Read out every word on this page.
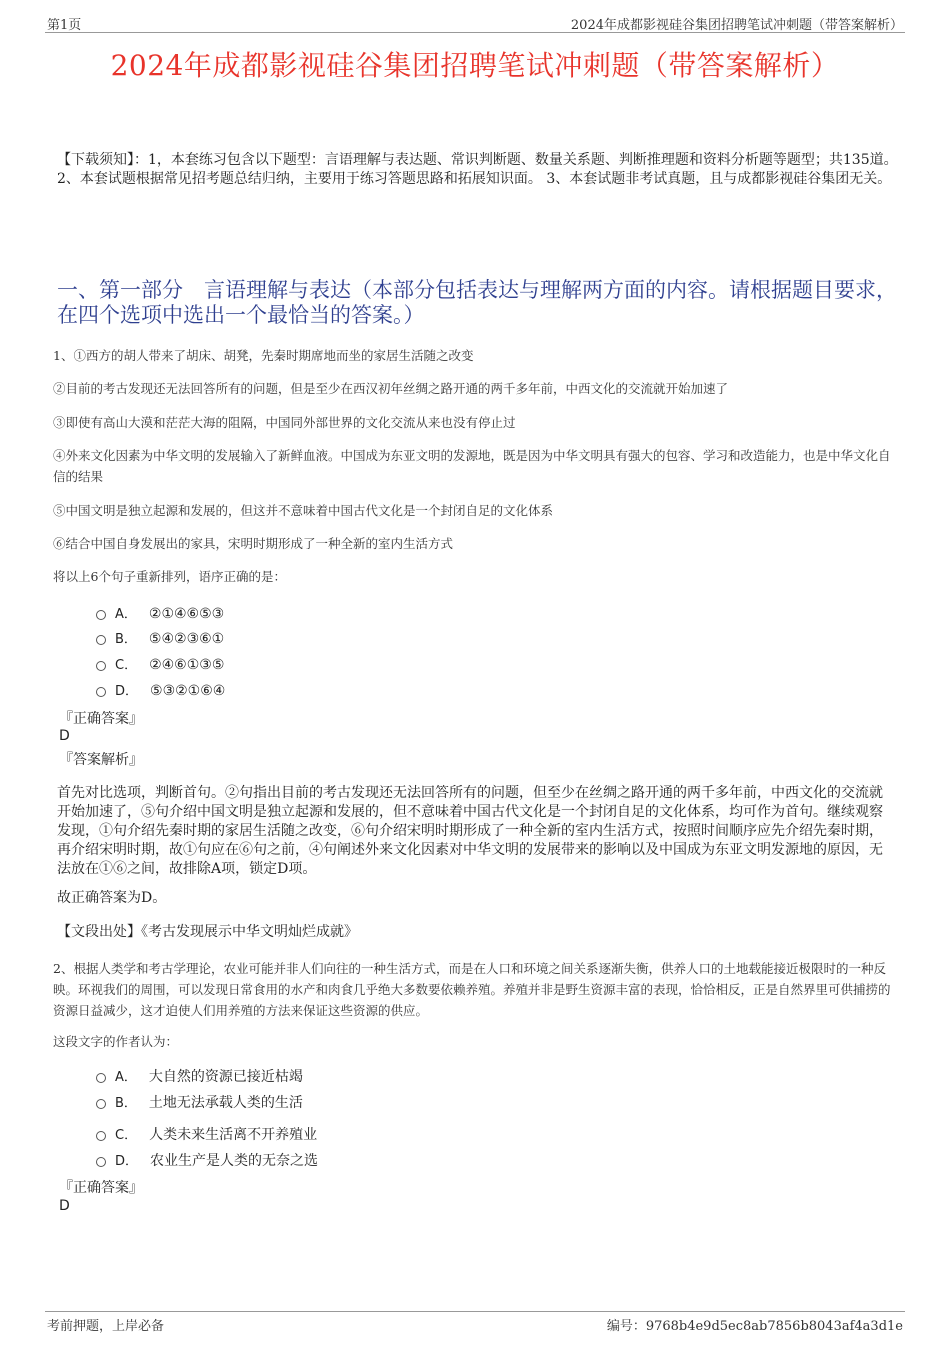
第1页	2024年成都影视硅谷集团招聘笔试冲刺题（带答案解析）
2024年成都影视硅谷集团招聘笔试冲刺题（带答案解析）
【下载须知】：1，本套练习包含以下题型：言语理解与表达题、常识判断题、数量关系题、判断推理题和资料分析题等题型；共135道。 2、本套试题根据常见招考题总结归纳，主要用于练习答题思路和拓展知识面。 3、本套试题非考试真题，且与成都影视硅谷集团无关。
一、第一部分　言语理解与表达（本部分包括表达与理解两方面的内容。请根据题目要求，在四个选项中选出一个最恰当的答案。）
1、①西方的胡人带来了胡床、胡凳，先秦时期席地而坐的家居生活随之改变
②目前的考古发现还无法回答所有的问题，但是至少在西汉初年丝绸之路开通的两千多年前，中西文化的交流就开始加速了
③即使有高山大漠和茫茫大海的阻隔，中国同外部世界的文化交流从来也没有停止过
④外来文化因素为中华文明的发展输入了新鲜血液。中国成为东亚文明的发源地，既是因为中华文明具有强大的包容、学习和改造能力，也是中华文化自信的结果
⑤中国文明是独立起源和发展的，但这并不意味着中国古代文化是一个封闭自足的文化体系
⑥结合中国自身发展出的家具，宋明时期形成了一种全新的室内生活方式
将以上6个句子重新排列，语序正确的是：
A． ②①④⑥⑤③
B． ⑤④②③⑥①
C． ②④⑥①③⑤
D． ⑤③②①⑥④
『正确答案』
D
『答案解析』
首先对比选项，判断首句。②句指出目前的考古发现还无法回答所有的问题，但至少在丝绸之路开通的两千多年前，中西文化的交流就开始加速了，⑤句介绍中国文明是独立起源和发展的，但不意味着中国古代文化是一个封闭自足的文化体系，均可作为首句。继续观察发现，①句介绍先秦时期的家居生活随之改变，⑥句介绍宋明时期形成了一种全新的室内生活方式，按照时间顺序应先介绍先秦时期，再介绍宋明时期，故①句应在⑥句之前，④句阐述外来文化因素对中华文明的发展带来的影响以及中国成为东亚文明发源地的原因，无法放在①⑥之间，故排除A项，锁定D项。
故正确答案为D。
【文段出处】《考古发现展示中华文明灿烂成就》
2、根据人类学和考古学理论，农业可能并非人们向往的一种生活方式，而是在人口和环境之间关系逐渐失衡，供养人口的土地载能接近极限时的一种反映。环视我们的周围，可以发现日常食用的水产和肉食几乎绝大多数要依赖养殖。养殖并非是野生资源丰富的表现，恰恰相反，正是自然界里可供捕捞的资源日益减少，这才迫使人们用养殖的方法来保证这些资源的供应。
这段文字的作者认为：
A． 大自然的资源已接近枯竭
B． 土地无法承载人类的生活
C． 人类未来生活离不开养殖业
D． 农业生产是人类的无奈之选
『正确答案』
D
考前押题，上岸必备	编号：9768b4e9d5ec8ab7856b8043af4a3d1e
